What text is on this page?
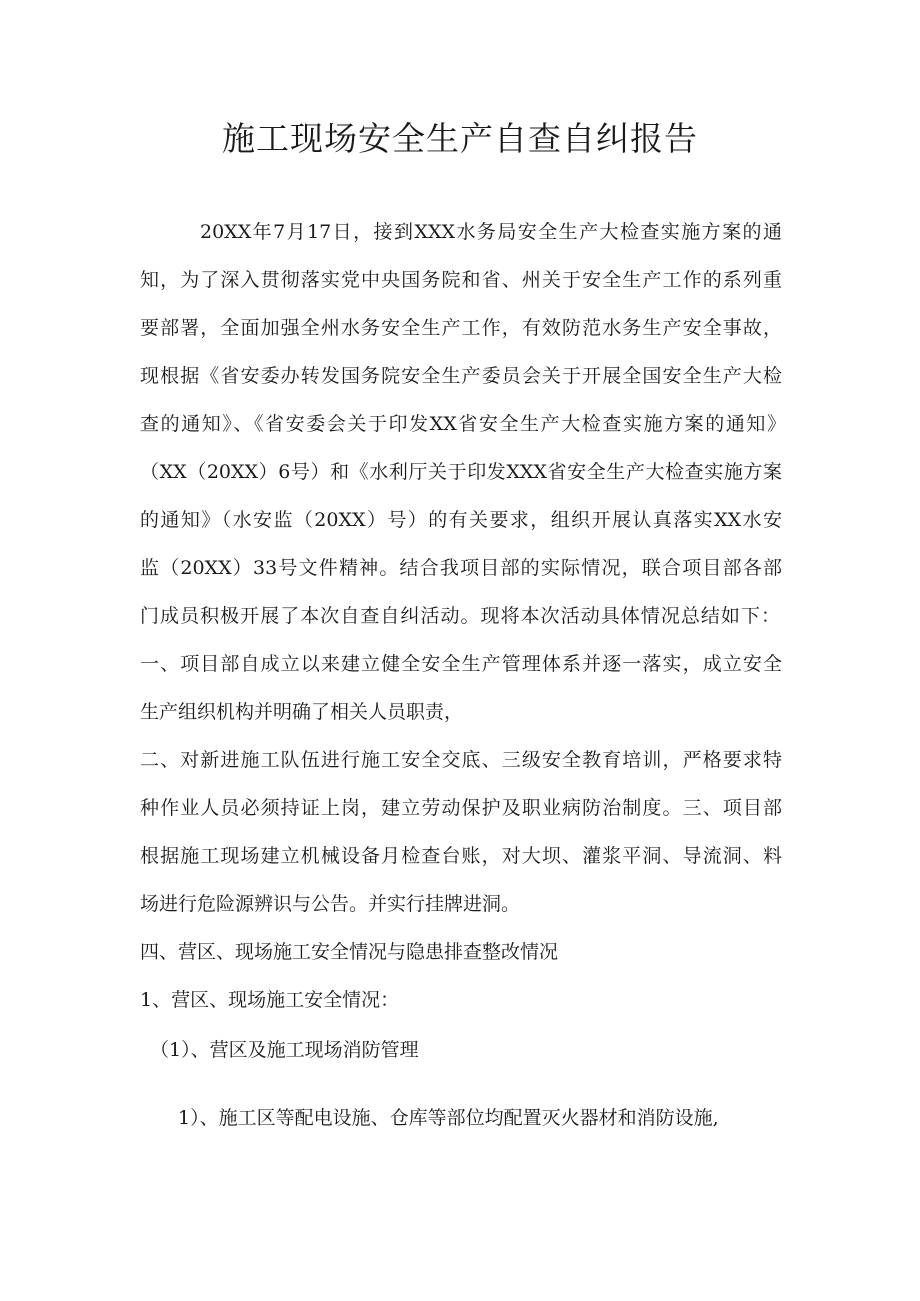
施工现场安全生产自查自纠报告

20XX年7月17日，接到XXX水务局安全生产大检查实施方案的通

知，为了深入贯彻落实党中央国务院和省、州关于安全生产工作的系列重

要部署，全面加强全州水务安全生产工作，有效防范水务生产安全事故，

现根据《省安委办转发国务院安全生产委员会关于开展全国安全生产大检

查的通知》、《省安委会关于印发XX省安全生产大检查实施方案的通知》

（XX（20XX）6号）和《水利厅关于印发XXX省安全生产大检查实施方案

的通知》（水安监（20XX）号）的有关要求，组织开展认真落实XX水安

监（20XX）33号文件精神。结合我项目部的实际情况，联合项目部各部

门成员积极开展了本次自查自纠活动。现将本次活动具体情况总结如下：

一、项目部自成立以来建立健全安全生产管理体系并逐一落实，成立安全

生产组织机构并明确了相关人员职责，

二、对新进施工队伍进行施工安全交底、三级安全教育培训，严格要求特

种作业人员必须持证上岗，建立劳动保护及职业病防治制度。三、项目部

根据施工现场建立机械设备月检查台账，对大坝、灌浆平洞、导流洞、料

场进行危险源辨识与公告。并实行挂牌进洞。

四、营区、现场施工安全情况与隐患排查整改情况

1、营区、现场施工安全情况：

（1）、营区及施工现场消防管理

1）、施工区等配电设施、仓库等部位均配置灭火器材和消防设施,
